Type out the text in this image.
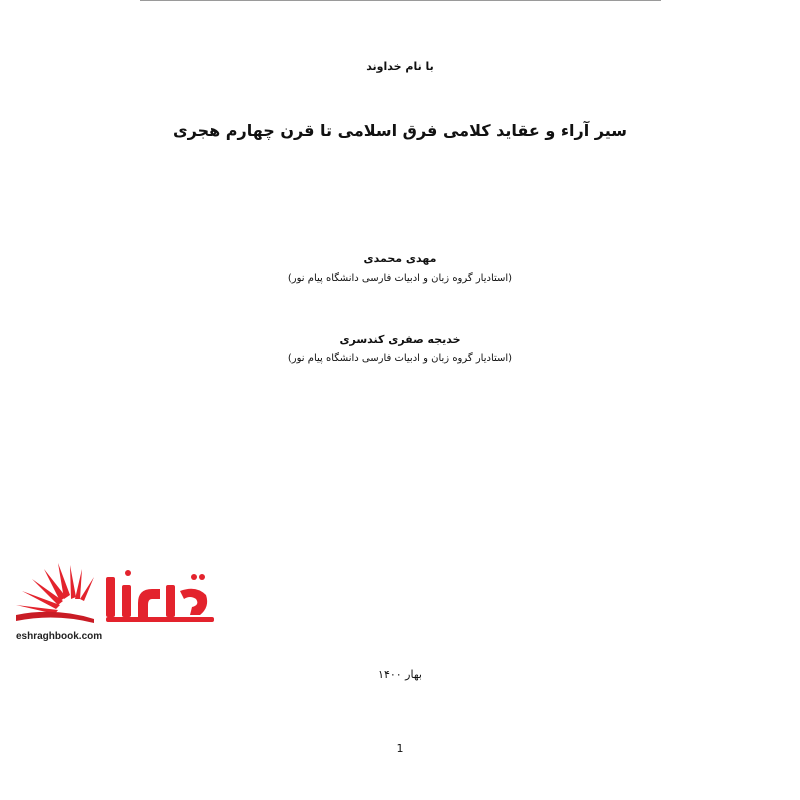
با نام خداوند
سیر آراء و عقاید کلامی فرق اسلامی تا قرن چهارم هجری
مهدی محمدی
(استادیار گروه زبان و ادبیات فارسی دانشگاه پیام نور)
خدیجه صفری کندسری
(استادیار گروه زبان و ادبیات فارسی دانشگاه پیام نور)
eshraghbook.com
بهار ۱۴۰۰
1
